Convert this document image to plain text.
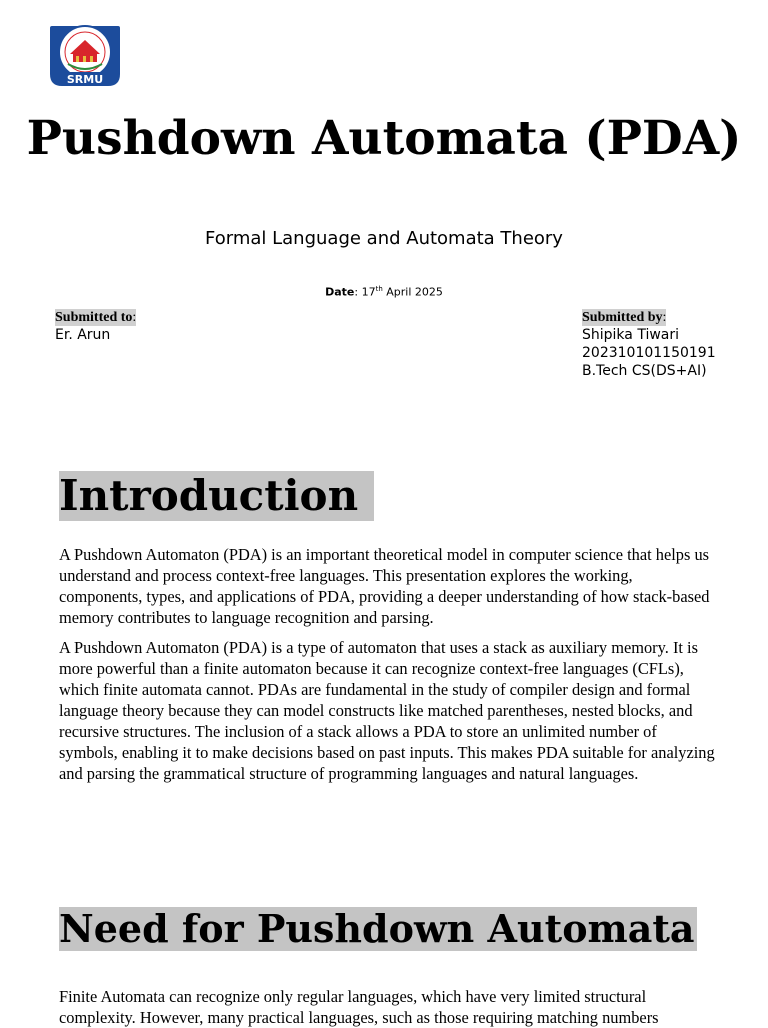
SRMU
Pushdown Automata (PDA)
Formal Language and Automata Theory
Date: 17th April 2025
Submitted to:
Er. Arun
Submitted by:
Shipika Tiwari
202310101150191
B.Tech CS(DS+AI)
Introduction

A Pushdown Automaton (PDA) is an important theoretical model in computer science that helps us understand and process context-free languages. This presentation explores the working, components, types, and applications of PDA, providing a deeper understanding of how stack-based memory contributes to language recognition and parsing.

A Pushdown Automaton (PDA) is a type of automaton that uses a stack as auxiliary memory. It is more powerful than a finite automaton because it can recognize context-free languages (CFLs), which finite automata cannot. PDAs are fundamental in the study of compiler design and formal language theory because they can model constructs like matched parentheses, nested blocks, and recursive structures. The inclusion of a stack allows a PDA to store an unlimited number of symbols, enabling it to make decisions based on past inputs. This makes PDA suitable for analyzing and parsing the grammatical structure of programming languages and natural languages.

Need for Pushdown Automata

Finite Automata can recognize only regular languages, which have very limited structural complexity. However, many practical languages, such as those requiring matching numbers
